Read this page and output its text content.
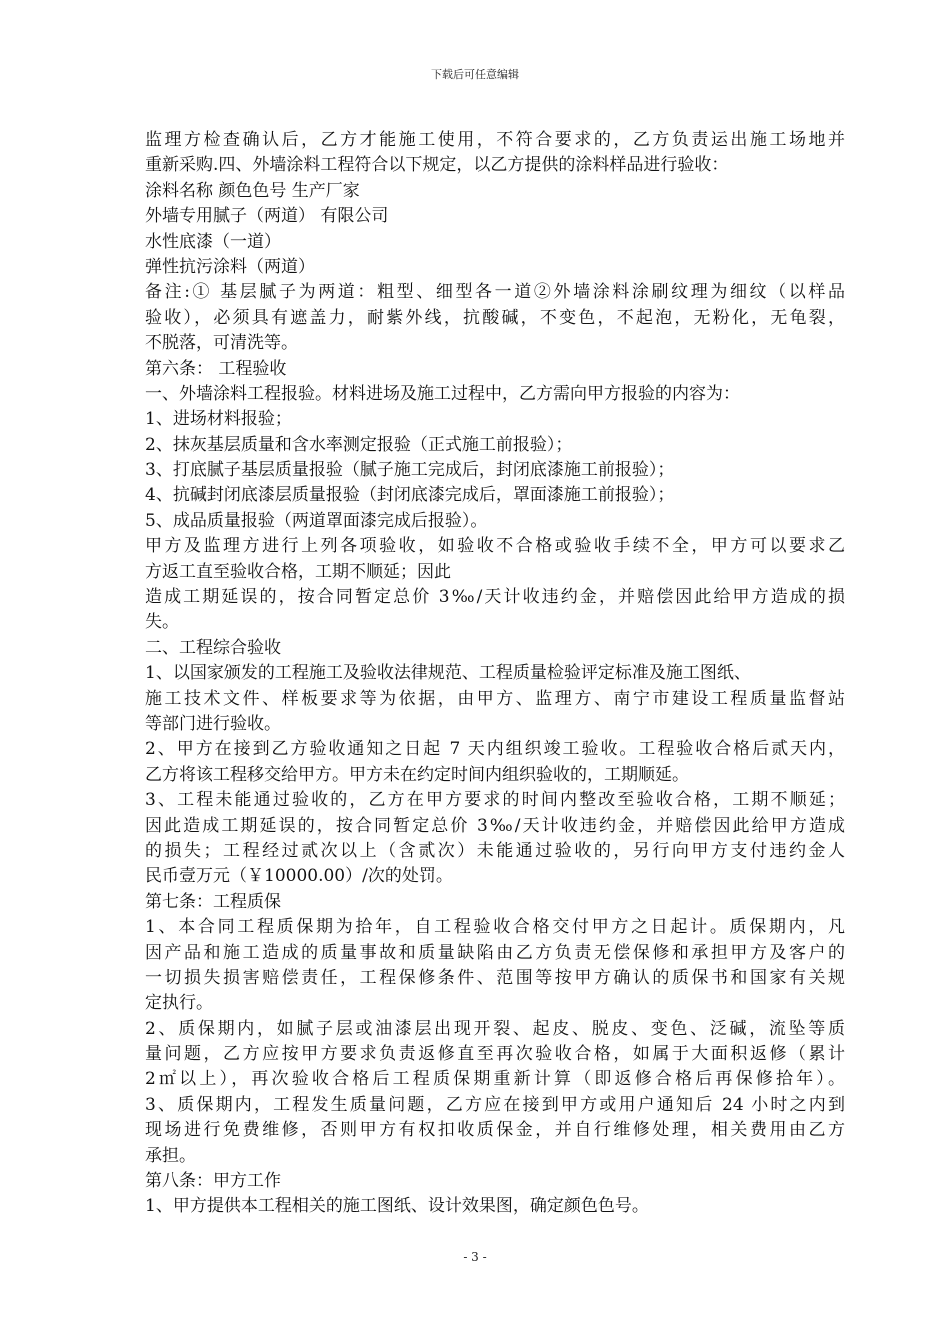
下载后可任意编辑
监理方检查确认后，乙方才能施工使用，不符合要求的，乙方负责运出施工场地并
重新采购.四、外墙涂料工程符合以下规定，以乙方提供的涂料样品进行验收：
涂料名称 颜色色号 生产厂家
外墙专用腻子（两道） 有限公司
水性底漆（一道）
弹性抗污涂料（两道）
备注:① 基层腻子为两道：粗型、细型各一道②外墙涂料涂刷纹理为细纹（以样品
验收），必须具有遮盖力，耐紫外线，抗酸碱，不变色，不起泡，无粉化，无龟裂，
不脱落，可清洗等。
第六条： 工程验收
一、外墙涂料工程报验。材料进场及施工过程中，乙方需向甲方报验的内容为：
1、进场材料报验；
2、抹灰基层质量和含水率测定报验（正式施工前报验）；
3、打底腻子基层质量报验（腻子施工完成后，封闭底漆施工前报验）；
4、抗碱封闭底漆层质量报验（封闭底漆完成后，罩面漆施工前报验）；
5、成品质量报验（两道罩面漆完成后报验）。
甲方及监理方进行上列各项验收，如验收不合格或验收手续不全，甲方可以要求乙
方返工直至验收合格，工期不顺延；因此
造成工期延误的，按合同暂定总价 3‰/天计收违约金，并赔偿因此给甲方造成的损
失。
二、工程综合验收
1、以国家颁发的工程施工及验收法律规范、工程质量检验评定标准及施工图纸、
施工技术文件、样板要求等为依据，由甲方、监理方、南宁市建设工程质量监督站
等部门进行验收。
2、甲方在接到乙方验收通知之日起 7 天内组织竣工验收。工程验收合格后贰天内，
乙方将该工程移交给甲方。甲方未在约定时间内组织验收的，工期顺延。
3、工程未能通过验收的，乙方在甲方要求的时间内整改至验收合格，工期不顺延；
因此造成工期延误的，按合同暂定总价 3‰/天计收违约金，并赔偿因此给甲方造成
的损失；工程经过贰次以上（含贰次）未能通过验收的，另行向甲方支付违约金人
民币壹万元（￥10000.00）/次的处罚。
第七条：工程质保
1、本合同工程质保期为拾年，自工程验收合格交付甲方之日起计。质保期内，凡
因产品和施工造成的质量事故和质量缺陷由乙方负责无偿保修和承担甲方及客户的
一切损失损害赔偿责任，工程保修条件、范围等按甲方确认的质保书和国家有关规
定执行。
2、质保期内，如腻子层或油漆层出现开裂、起皮、脱皮、变色、泛碱，流坠等质
量问题，乙方应按甲方要求负责返修直至再次验收合格，如属于大面积返修（累计
2㎡以上），再次验收合格后工程质保期重新计算（即返修合格后再保修拾年）。
3、质保期内，工程发生质量问题，乙方应在接到甲方或用户通知后 24 小时之内到
现场进行免费维修，否则甲方有权扣收质保金，并自行维修处理，相关费用由乙方
承担。
第八条：甲方工作
1、甲方提供本工程相关的施工图纸、设计效果图，确定颜色色号。
- 3 -
